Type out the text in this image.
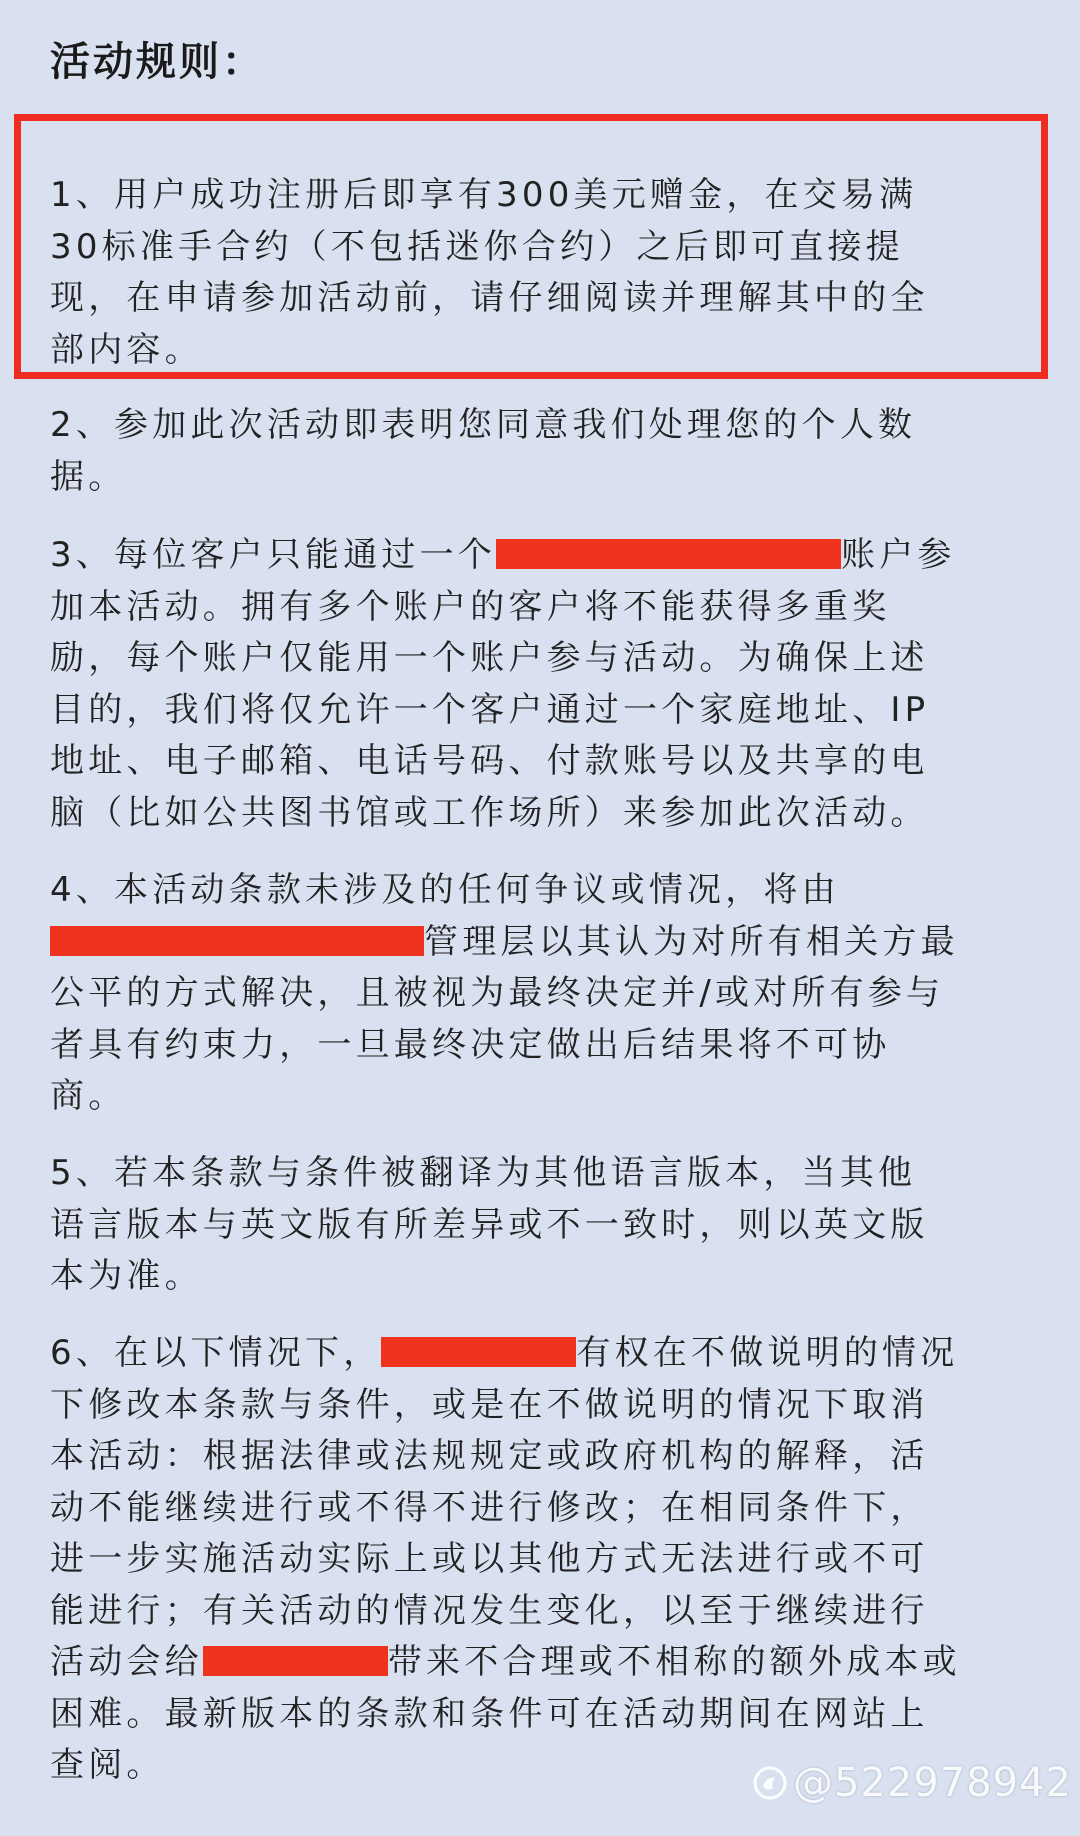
活动规则：

1、用户成功注册后即享有300美元赠金，在交易满

30标准手合约（不包括迷你合约）之后即可直接提

现，在申请参加活动前，请仔细阅读并理解其中的全

部内容。

2、参加此次活动即表明您同意我们处理您的个人数

据。

3、每位客户只能通过一个	账户参

加本活动。拥有多个账户的客户将不能获得多重奖

励，每个账户仅能用一个账户参与活动。为确保上述

目的，我们将仅允许一个客户通过一个家庭地址、IP

地址、电子邮箱、电话号码、付款账号以及共享的电

脑（比如公共图书馆或工作场所）来参加此次活动。

4、本活动条款未涉及的任何争议或情况，将由

管理层以其认为对所有相关方最

公平的方式解决，且被视为最终决定并/或对所有参与

者具有约束力，一旦最终决定做出后结果将不可协

商。

5、若本条款与条件被翻译为其他语言版本，当其他

语言版本与英文版有所差异或不一致时，则以英文版

本为准。

6、在以下情况下，	有权在不做说明的情况

下修改本条款与条件，或是在不做说明的情况下取消

本活动：根据法律或法规规定或政府机构的解释，活

动不能继续进行或不得不进行修改；在相同条件下，

进一步实施活动实际上或以其他方式无法进行或不可

能进行；有关活动的情况发生变化，以至于继续进行

活动会给	带来不合理或不相称的额外成本或

困难。最新版本的条款和条件可在活动期间在网站上

查阅。	@522978942
